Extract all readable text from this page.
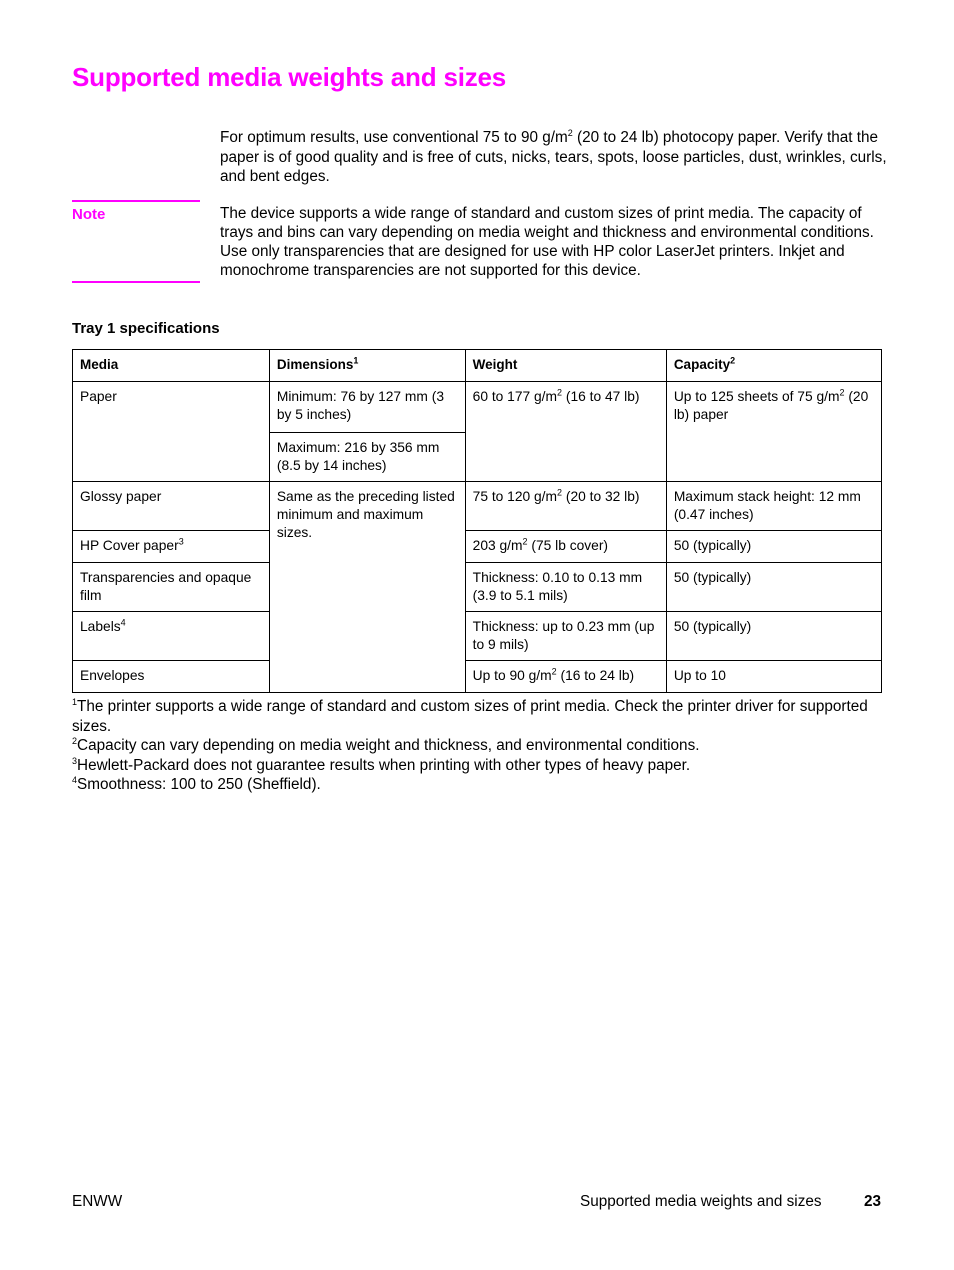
Supported media weights and sizes

For optimum results, use conventional 75 to 90 $g/m^2$ (20 to 24 lb) photocopy paper. Verify that the paper is of good quality and is free of cuts, nicks, tears, spots, loose particles, dust, wrinkles, curls, and bent edges.

Note	The device supports a wide range of standard and custom sizes of print media. The capacity of trays and bins can vary depending on media weight and thickness and environmental conditions. Use only transparencies that are designed for use with HP color LaserJet printers. Inkjet and monochrome transparencies are not supported for this device.

Tray 1 specifications
Media	Dimensions$^1$	Weight	Capacity$^2$
Paper	Minimum: 76 by 127 mm (3 by 5 inches)	60 to 177 $g/m^2$ (16 to 47 lb)	Up to 125 sheets of 75 $g/m^2$ (20 lb) paper
	Maximum: 216 by 356 mm (8.5 by 14 inches)		
Glossy paper	Same as the preceding listed minimum and maximum sizes.	75 to 120 $g/m^2$ (20 to 32 lb)	Maximum stack height: 12 mm (0.47 inches)
HP Cover paper$^3$		203 $g/m^2$ (75 lb cover)	50 (typically)
Transparencies and opaque film		Thickness: 0.10 to 0.13 mm (3.9 to 5.1 mils)	50 (typically)
Labels$^4$		Thickness: up to 0.23 mm (up to 9 mils)	50 (typically)
Envelopes		Up to 90 $g/m^2$ (16 to 24 lb)	Up to 10

$^1$The printer supports a wide range of standard and custom sizes of print media. Check the printer driver for supported sizes.

$^2$Capacity can vary depending on media weight and thickness, and environmental conditions.

$^3$Hewlett-Packard does not guarantee results when printing with other types of heavy paper.

$^4$Smoothness: 100 to 250 (Sheffield).

ENWW	Supported media weights and sizes	23
